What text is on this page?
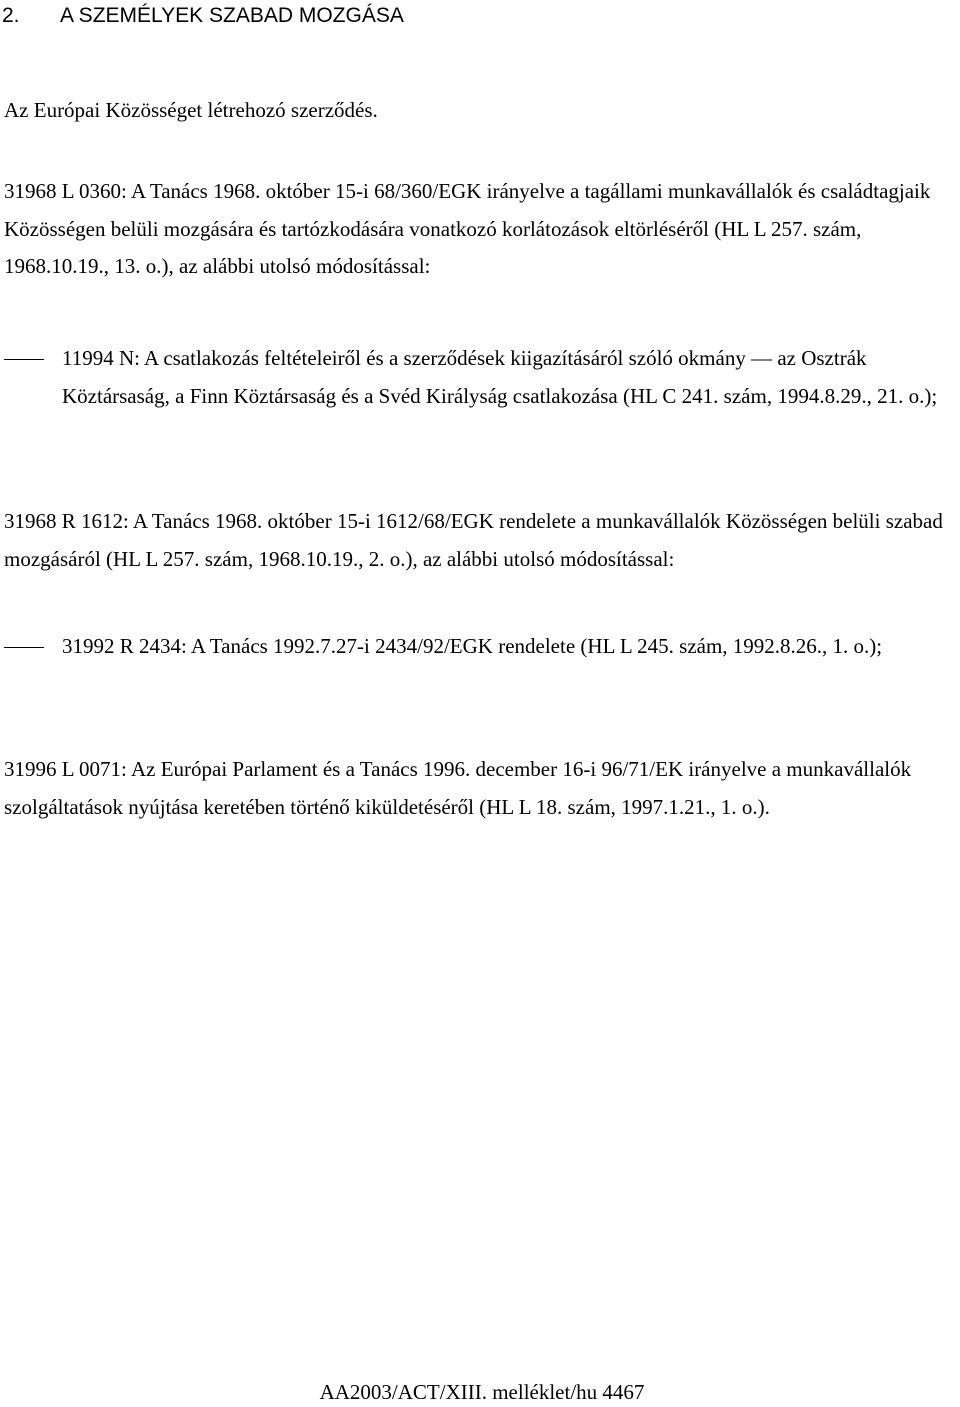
2. A SZEMÉLYEK SZABAD MOZGÁSA

Az Európai Közösséget létrehozó szerződés.

31968 L 0360: A Tanács 1968. október 15-i 68/360/EGK irányelve a tagállami munkavállalók és családtagjaik Közösségen belüli mozgására és tartózkodására vonatkozó korlátozások eltörléséről (HL L 257. szám, 1968.10.19., 13. o.), az alábbi utolsó módosítással:

11994 N: A csatlakozás feltételeiről és a szerződések kiigazításáról szóló okmány — az Osztrák Köztársaság, a Finn Köztársaság és a Svéd Királyság csatlakozása (HL C 241. szám, 1994.8.29., 21. o.);

31968 R 1612: A Tanács 1968. október 15-i 1612/68/EGK rendelete a munkavállalók Közösségen belüli szabad mozgásáról (HL L 257. szám, 1968.10.19., 2. o.), az alábbi utolsó módosítással:

31992 R 2434: A Tanács 1992.7.27-i 2434/92/EGK rendelete (HL L 245. szám, 1992.8.26., 1. o.);

31996 L 0071: Az Európai Parlament és a Tanács 1996. december 16-i 96/71/EK irányelve a munkavállalók szolgáltatások nyújtása keretében történő kiküldetéséről (HL L 18. szám, 1997.1.21., 1. o.).

AA2003/ACT/XIII. melléklet/hu 4467
